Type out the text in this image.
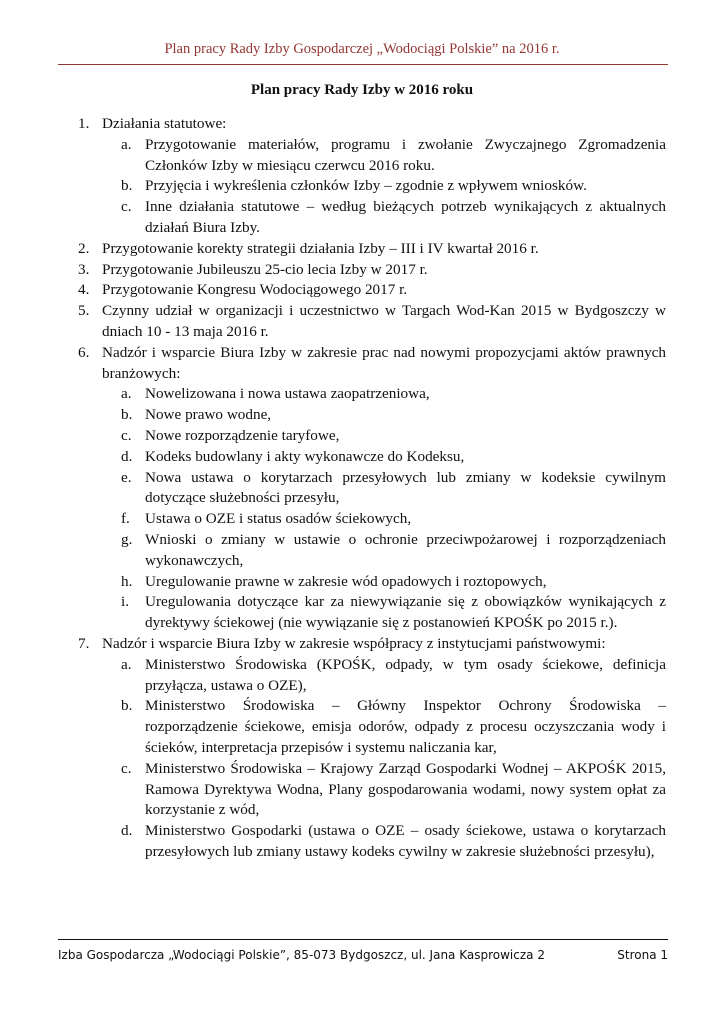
Plan pracy Rady Izby Gospodarczej „Wodociągi Polskie” na 2016 r.
Plan pracy Rady Izby w 2016 roku
1. Działania statutowe:
a. Przygotowanie materiałów, programu i zwołanie Zwyczajnego Zgromadzenia Członków Izby w miesiącu czerwcu 2016 roku.
b. Przyjęcia i wykreślenia członków Izby – zgodnie z wpływem wniosków.
c. Inne działania statutowe – według bieżących potrzeb wynikających z aktualnych działań Biura Izby.
2. Przygotowanie korekty strategii działania Izby – III i IV kwartał 2016 r.
3. Przygotowanie Jubileuszu 25-cio lecia Izby w 2017 r.
4. Przygotowanie Kongresu Wodociągowego 2017 r.
5. Czynny udział w organizacji i uczestnictwo w Targach Wod-Kan 2015 w Bydgoszczy w dniach 10 - 13 maja 2016 r.
6. Nadzór i wsparcie Biura Izby w zakresie prac nad nowymi propozycjami aktów prawnych branżowych:
a. Nowelizowana i nowa ustawa zaopatrzeniowa,
b. Nowe prawo wodne,
c. Nowe rozporządzenie taryfowe,
d. Kodeks budowlany i akty wykonawcze do Kodeksu,
e. Nowa ustawa o korytarzach przesyłowych lub zmiany w kodeksie cywilnym dotyczące służebności przesyłu,
f. Ustawa o OZE i status osadów ściekowych,
g. Wnioski o zmiany w ustawie o ochronie przeciwpożarowej i rozporządzeniach wykonawczych,
h. Uregulowanie prawne w zakresie wód opadowych i roztopowych,
i. Uregulowania dotyczące kar za niewywiązanie się z obowiązków wynikających z dyrektywy ściekowej (nie wywiązanie się z postanowień KPOŚK po 2015 r.).
7. Nadzór i wsparcie Biura Izby w zakresie współpracy z instytucjami państwowymi:
a. Ministerstwo Środowiska (KPOŚK, odpady, w tym osady ściekowe, definicja przyłącza, ustawa o OZE),
b. Ministerstwo Środowiska – Główny Inspektor Ochrony Środowiska – rozporządzenie ściekowe, emisja odorów, odpady z procesu oczyszczania wody i ścieków, interpretacja przepisów i systemu naliczania kar,
c. Ministerstwo Środowiska – Krajowy Zarząd Gospodarki Wodnej – AKPOŚK 2015, Ramowa Dyrektywa Wodna, Plany gospodarowania wodami, nowy system opłat za korzystanie z wód,
d. Ministerstwo Gospodarki (ustawa o OZE – osady ściekowe, ustawa o korytarzach przesyłowych lub zmiany ustawy kodeks cywilny w zakresie służebności przesyłu),
Izba Gospodarcza „Wodociągi Polskie”, 85-073 Bydgoszcz, ul. Jana Kasprowicza 2	Strona 1
